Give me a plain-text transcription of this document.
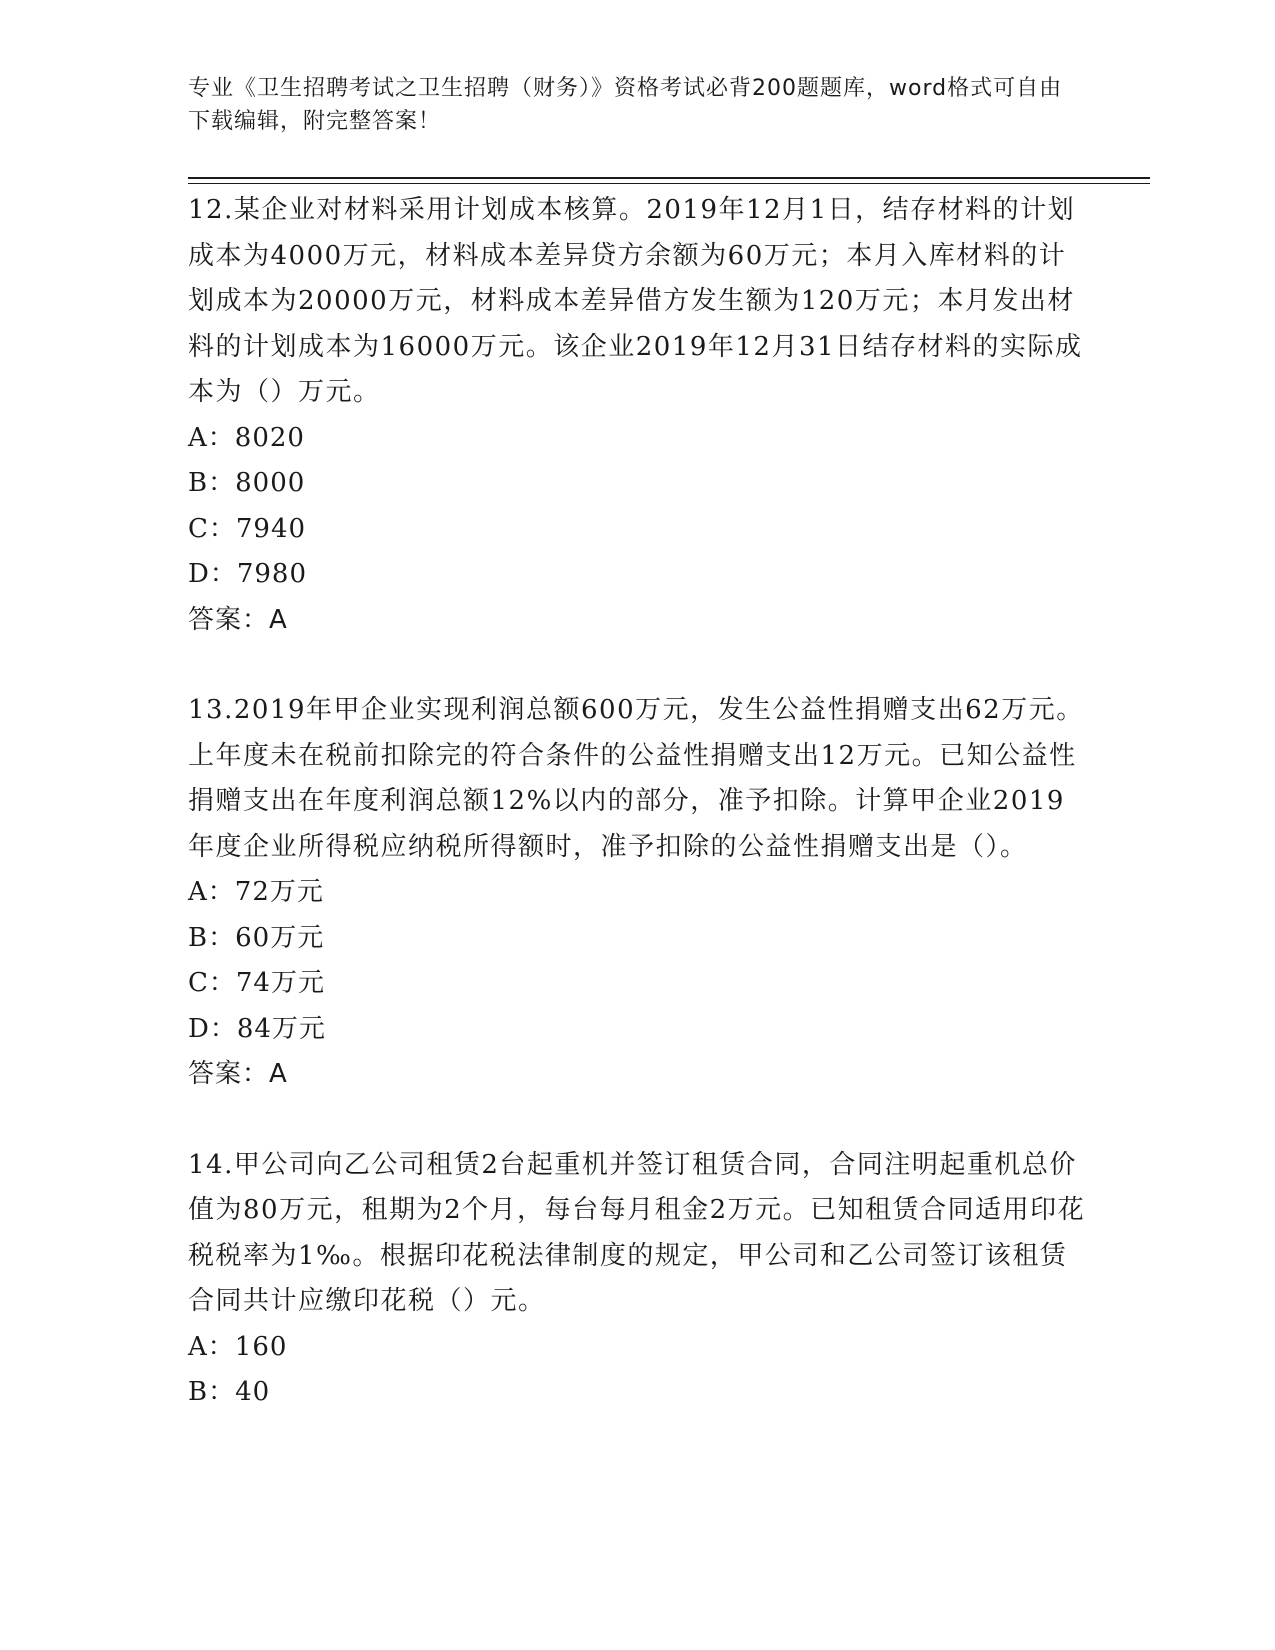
专业《卫生招聘考试之卫生招聘（财务）》资格考试必背200题题库，word格式可自由下载编辑，附完整答案！

12.某企业对材料采用计划成本核算。2019年12月1日，结存材料的计划成本为4000万元，材料成本差异贷方余额为60万元；本月入库材料的计划成本为20000万元，材料成本差异借方发生额为120万元；本月发出材料的计划成本为16000万元。该企业2019年12月31日结存材料的实际成本为（）万元。

A：8020

B：8000

C：7940

D：7980

答案：A

13.2019年甲企业实现利润总额600万元，发生公益性捐赠支出62万元。上年度未在税前扣除完的符合条件的公益性捐赠支出12万元。已知公益性捐赠支出在年度利润总额12%以内的部分，准予扣除。计算甲企业2019年度企业所得税应纳税所得额时，准予扣除的公益性捐赠支出是（）。

A：72万元

B：60万元

C：74万元

D：84万元

答案：A

14.甲公司向乙公司租赁2台起重机并签订租赁合同，合同注明起重机总价值为80万元，租期为2个月，每台每月租金2万元。已知租赁合同适用印花税税率为1‰。根据印花税法律制度的规定，甲公司和乙公司签订该租赁合同共计应缴印花税（）元。

A：160

B：40
